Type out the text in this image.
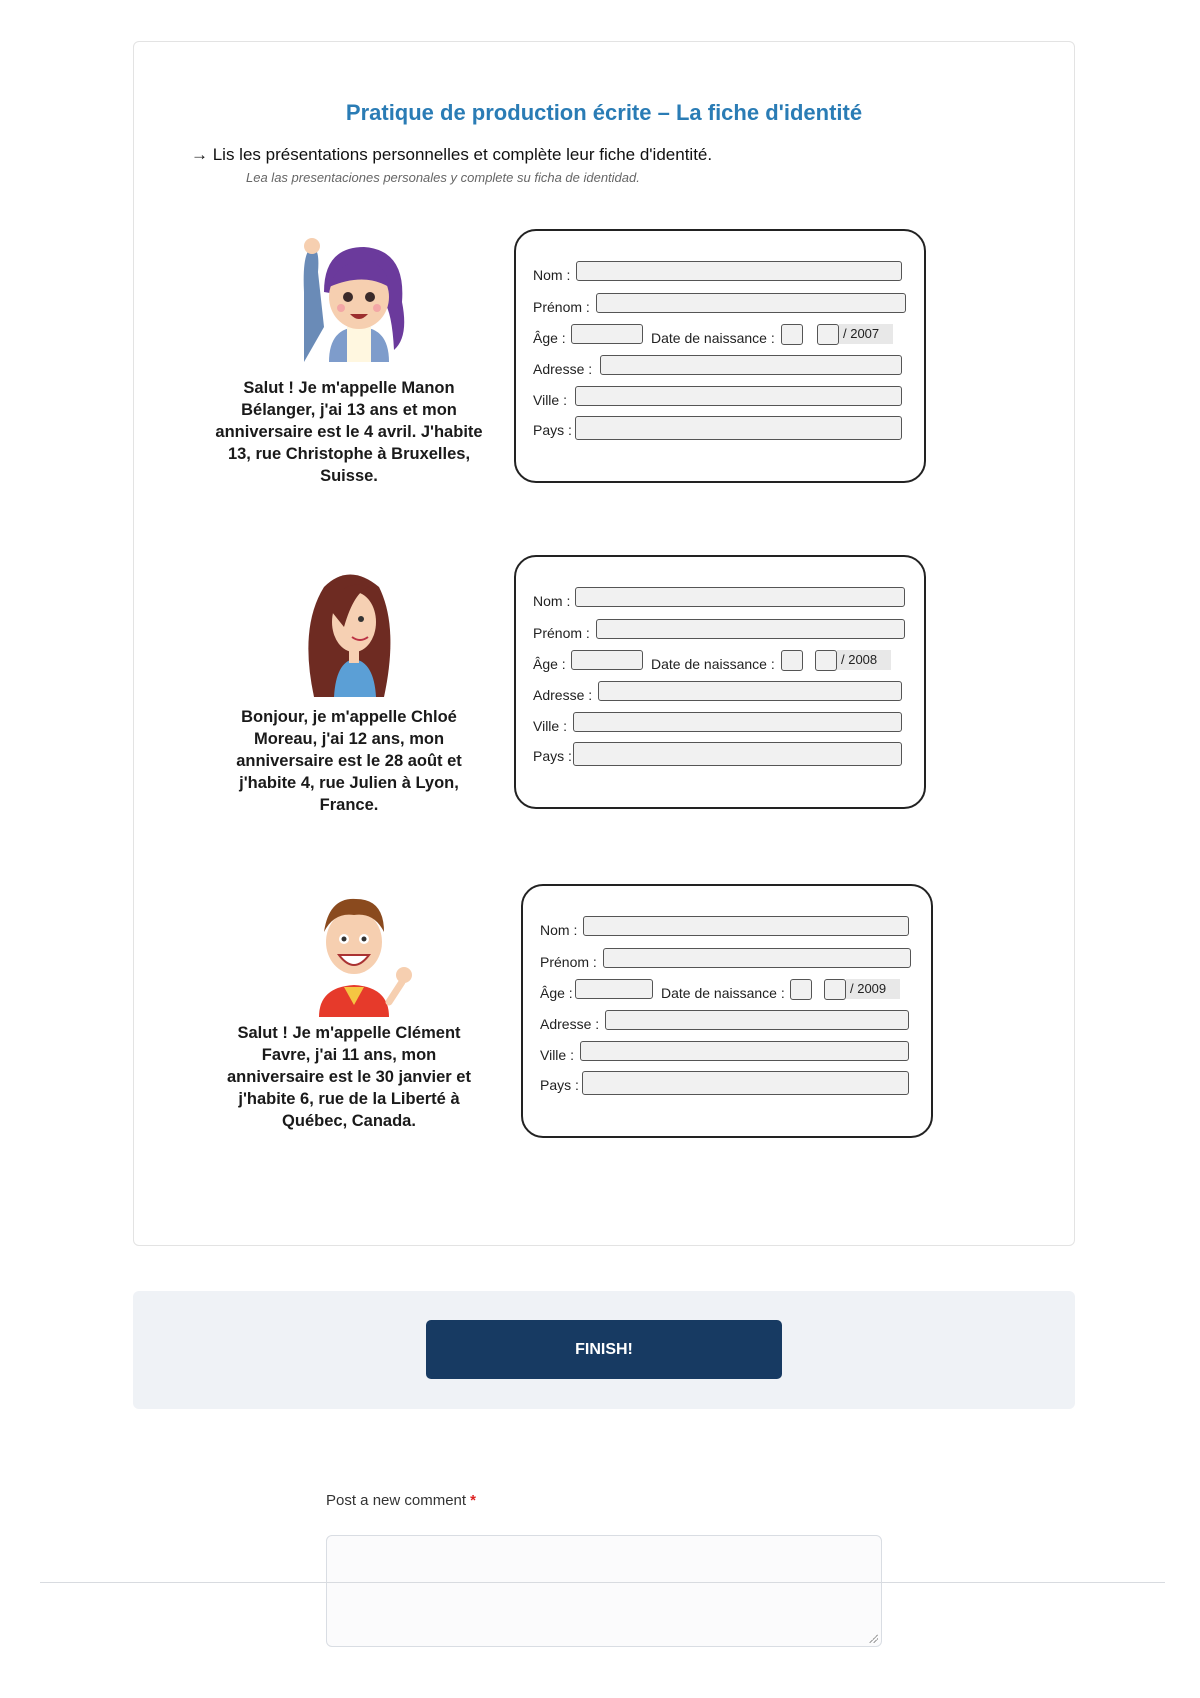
Pratique de production écrite – La fiche d'identité
→ Lis les présentations personnelles et complète leur fiche d'identité.
Lea las presentaciones personales y complete su ficha de identidad.
Salut ! Je m'appelle Manon Bélanger, j'ai 13 ans et mon anniversaire est le 4 avril. J'habite 13, rue Christophe à Bruxelles, Suisse.
Nom :
Prénom :
Âge :	Date de naissance :	/ 2007
Adresse :
Ville :
Pays :
Bonjour, je m'appelle Chloé Moreau, j'ai 12 ans, mon anniversaire est le 28 août et j'habite 4, rue Julien à Lyon, France.
Nom :
Prénom :
Âge :	Date de naissance :	/ 2008
Adresse :
Ville :
Pays :
Salut ! Je m'appelle Clément Favre, j'ai 11 ans, mon anniversaire est le 30 janvier et j'habite 6, rue de la Liberté à Québec, Canada.
Nom :
Prénom :
Âge :	Date de naissance :	/ 2009
Adresse :
Ville :
Pays :
FINISH!
Post a new comment *
